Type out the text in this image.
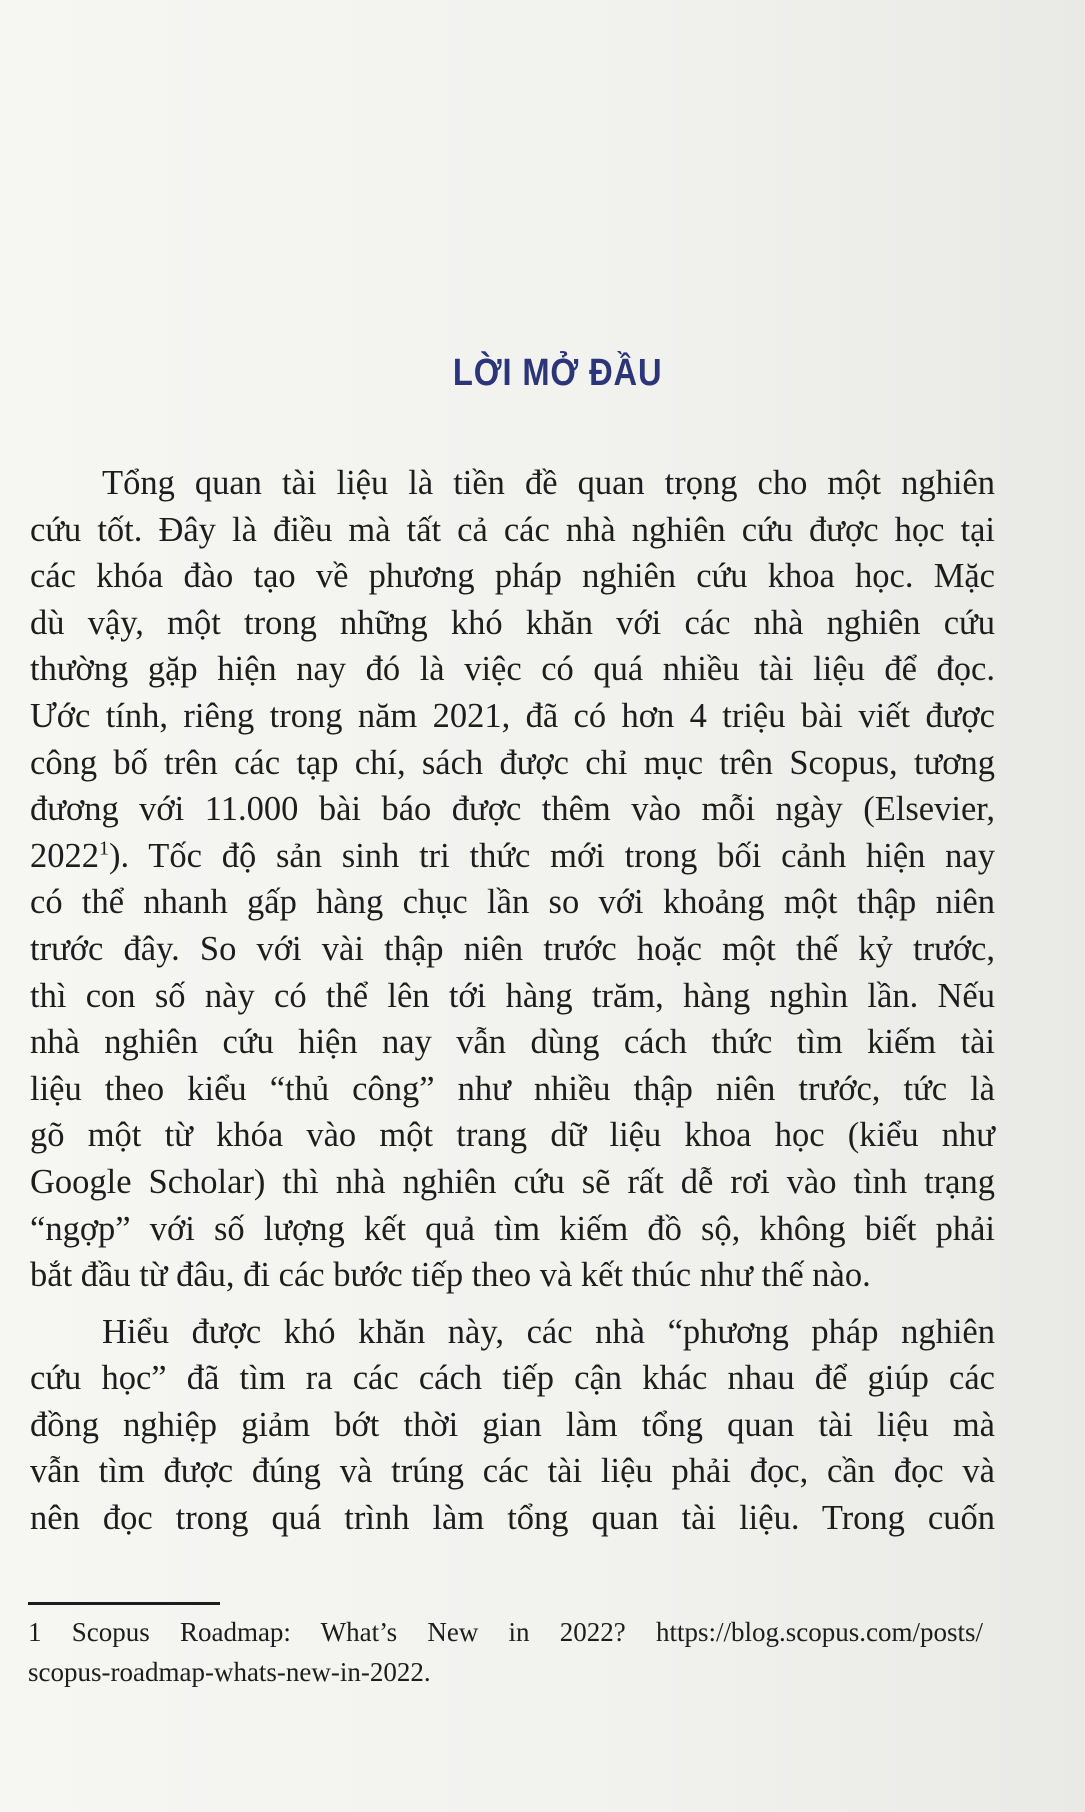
LỜI MỞ ĐẦU
Tổng quan tài liệu là tiền đề quan trọng cho một nghiên
cứu tốt. Đây là điều mà tất cả các nhà nghiên cứu được học tại
các khóa đào tạo về phương pháp nghiên cứu khoa học. Mặc
dù vậy, một trong những khó khăn với các nhà nghiên cứu
thường gặp hiện nay đó là việc có quá nhiều tài liệu để đọc.
Ước tính, riêng trong năm 2021, đã có hơn 4 triệu bài viết được
công bố trên các tạp chí, sách được chỉ mục trên Scopus, tương
đương với 11.000 bài báo được thêm vào mỗi ngày (Elsevier,
2022$^1$). Tốc độ sản sinh tri thức mới trong bối cảnh hiện nay
có thể nhanh gấp hàng chục lần so với khoảng một thập niên
trước đây. So với vài thập niên trước hoặc một thế kỷ trước,
thì con số này có thể lên tới hàng trăm, hàng nghìn lần. Nếu
nhà nghiên cứu hiện nay vẫn dùng cách thức tìm kiếm tài
liệu theo kiểu “thủ công” như nhiều thập niên trước, tức là
gõ một từ khóa vào một trang dữ liệu khoa học (kiểu như
Google Scholar) thì nhà nghiên cứu sẽ rất dễ rơi vào tình trạng
“ngợp” với số lượng kết quả tìm kiếm đồ sộ, không biết phải
bắt đầu từ đâu, đi các bước tiếp theo và kết thúc như thế nào.
Hiểu được khó khăn này, các nhà “phương pháp nghiên
cứu học” đã tìm ra các cách tiếp cận khác nhau để giúp các
đồng nghiệp giảm bớt thời gian làm tổng quan tài liệu mà
vẫn tìm được đúng và trúng các tài liệu phải đọc, cần đọc và
nên đọc trong quá trình làm tổng quan tài liệu. Trong cuốn
1 Scopus Roadmap: What’s New in 2022? https://blog.scopus.com/posts/
scopus-roadmap-whats-new-in-2022.
